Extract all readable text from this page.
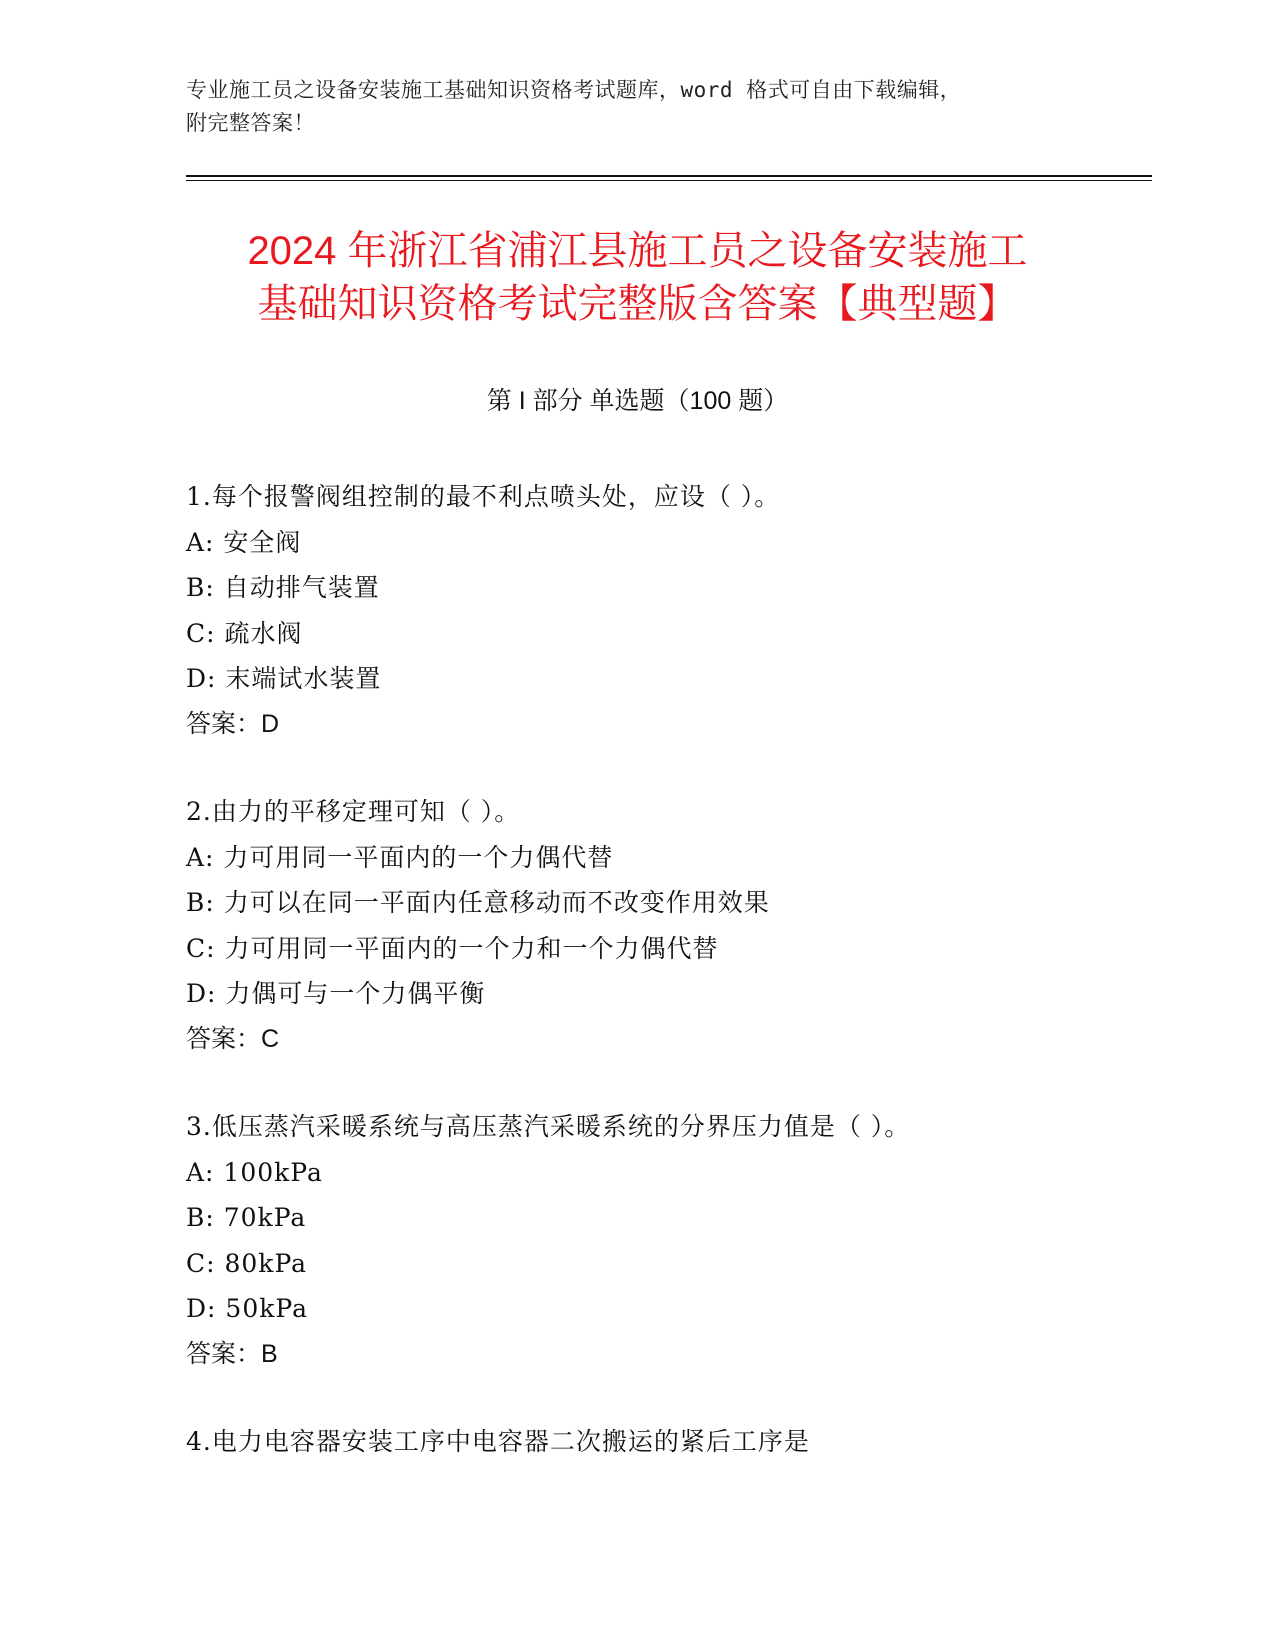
专业施工员之设备安装施工基础知识资格考试题库，word 格式可自由下载编辑，
附完整答案！
2024 年浙江省浦江县施工员之设备安装施工
基础知识资格考试完整版含答案【典型题】
第 I 部分 单选题（100 题）
1.每个报警阀组控制的最不利点喷头处，应设（ ）。
A: 安全阀
B: 自动排气装置
C: 疏水阀
D: 末端试水装置
答案：D
2.由力的平移定理可知（ ）。
A: 力可用同一平面内的一个力偶代替
B: 力可以在同一平面内任意移动而不改变作用效果
C: 力可用同一平面内的一个力和一个力偶代替
D: 力偶可与一个力偶平衡
答案：C
3.低压蒸汽采暖系统与高压蒸汽采暖系统的分界压力值是（ ）。
A: 100kPa
B: 70kPa
C: 80kPa
D: 50kPa
答案：B
4.电力电容器安装工序中电容器二次搬运的紧后工序是
